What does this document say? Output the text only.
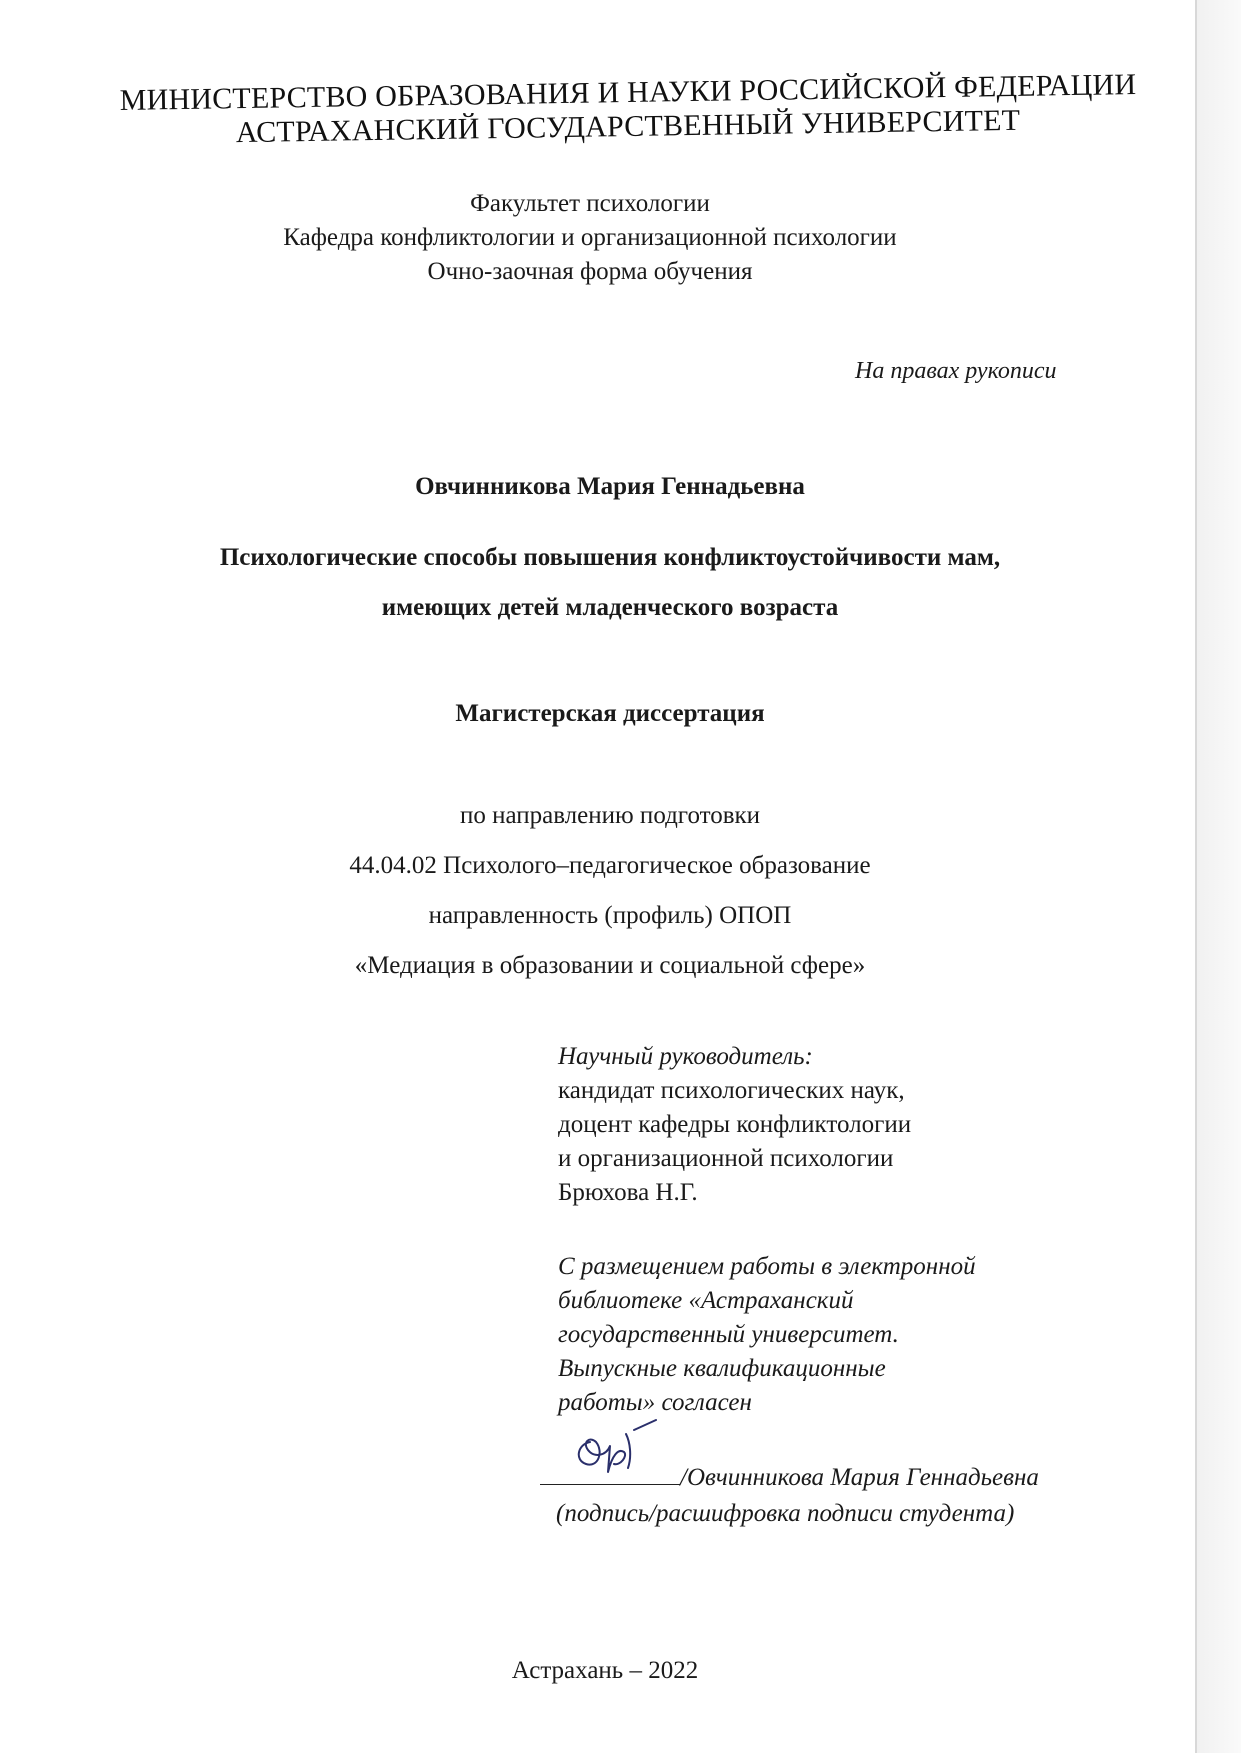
МИНИСТЕРСТВО ОБРАЗОВАНИЯ И НАУКИ РОССИЙСКОЙ ФЕДЕРАЦИИ
АСТРАХАНСКИЙ ГОСУДАРСТВЕННЫЙ УНИВЕРСИТЕТ
Факультет психологии
Кафедра конфликтологии и организационной психологии
Очно-заочная форма обучения
На правах рукописи
Овчинникова Мария Геннадьевна
Психологические способы повышения конфликтоустойчивости мам,
имеющих детей младенческого возраста
Магистерская диссертация
по направлению подготовки
44.04.02 Психолого–педагогическое образование
направленность (профиль) ОПОП
«Медиация в образовании и социальной сфере»
Научный руководитель:
кандидат психологических наук,
доцент кафедры конфликтологии
и организационной психологии
Брюхова Н.Г.
С размещением работы в электронной
библиотеке «Астраханский
государственный университет.
Выпускные квалификационные
работы» согласен
/Овчинникова Мария Геннадьевна
(подпись/расшифровка подписи студента)
Астрахань – 2022
